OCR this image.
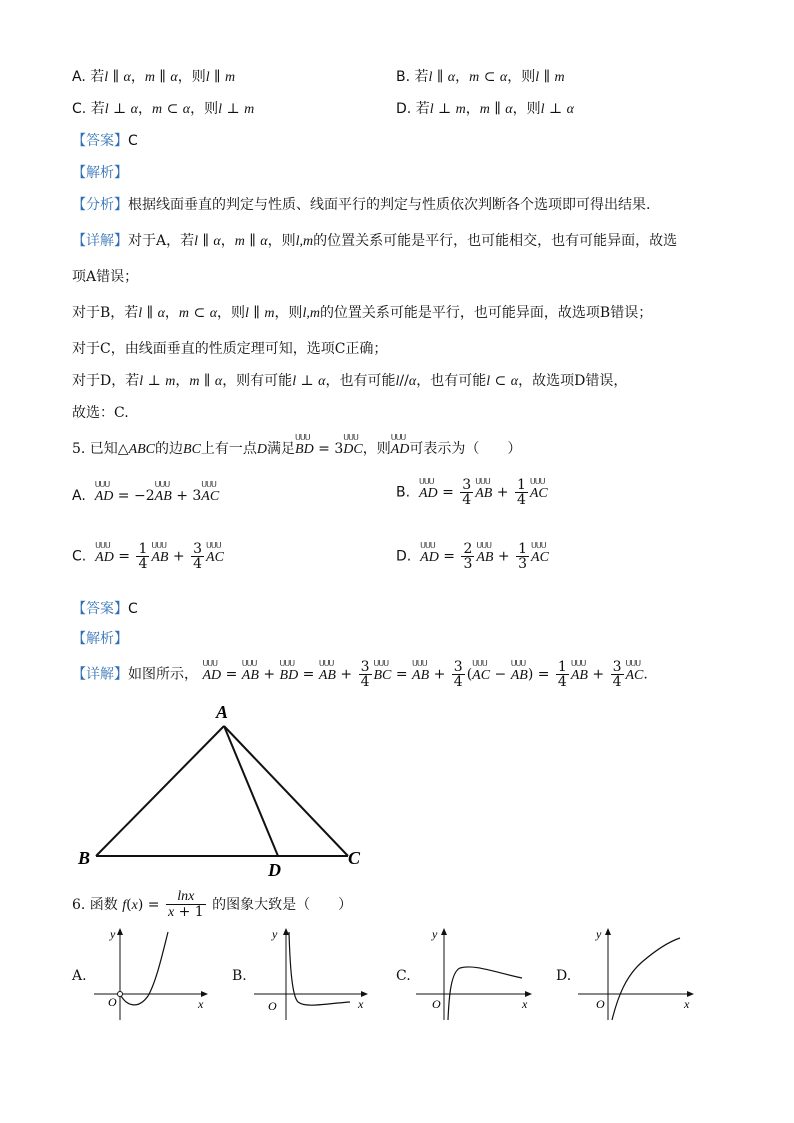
A. 若l ∥ α，m ∥ α，则l ∥ m	B. 若l ∥ α，m ⊂ α，则l ∥ m
C. 若l ⊥ α，m ⊂ α，则l ⊥ m	D. 若l ⊥ m，m ∥ α，则l ⊥ α
【答案】C
【解析】
【分析】根据线面垂直的判定与性质、线面平行的判定与性质依次判断各个选项即可得出结果.
【详解】对于A，若l ∥ α，m ∥ α，则l,m的位置关系可能是平行，也可能相交，也有可能异面，故选
项A错误；
对于B，若l ∥ α，m ⊂ α，则l ∥ m，则l,m的位置关系可能是平行，也可能异面，故选项B错误；
对于C，由线面垂直的性质定理可知，选项C正确；
对于D，若l ⊥ m，m ∥ α，则有可能l ⊥ α，也有可能l//α，也有可能l ⊂ α，故选项D错误，
故选：C.
5. 已知△ABC的边BC上有一点D满足ꓴꓴꓴ BD = 3ꓴꓴꓴ DC，则ꓴꓴꓴ AD可表示为（　　）
A. ꓴꓴꓴ AD = −2ꓴꓴꓴ AB + 3ꓴꓴꓴ AC	B. ꓴꓴꓴ AD = $\frac{3}{4}$ ꓴꓴꓴ AB + $\frac{1}{4}$ ꓴꓴꓴ AC
C. ꓴꓴꓴ AD = $\frac{1}{4}$ ꓴꓴꓴ AB + $\frac{3}{4}$ ꓴꓴꓴ AC	D. ꓴꓴꓴ AD = $\frac{2}{3}$ ꓴꓴꓴ AB + $\frac{1}{3}$ ꓴꓴꓴ AC
【答案】C
【解析】
【详解】如图所示， ꓴꓴꓴ AD = ꓴꓴꓴ AB + ꓴꓴꓴ BD = ꓴꓴꓴ AB + $\frac{3}{4}$ ꓴꓴꓴ BC = ꓴꓴꓴ AB + $\frac{3}{4}$ (ꓴꓴꓴ AC − ꓴꓴꓴ $AB) = \frac{1}{4}$ ꓴꓴꓴ AB + $\frac{3}{4}$ ꓴꓴꓴ AC.
A
B	C
D
6. 函数 $f(x) = \frac{\ln x}{x + 1}$ 的图象大致是（　　）
A.
y
x
O
B.
y
x
O
C.
y
x
O
D.
y
x
O
